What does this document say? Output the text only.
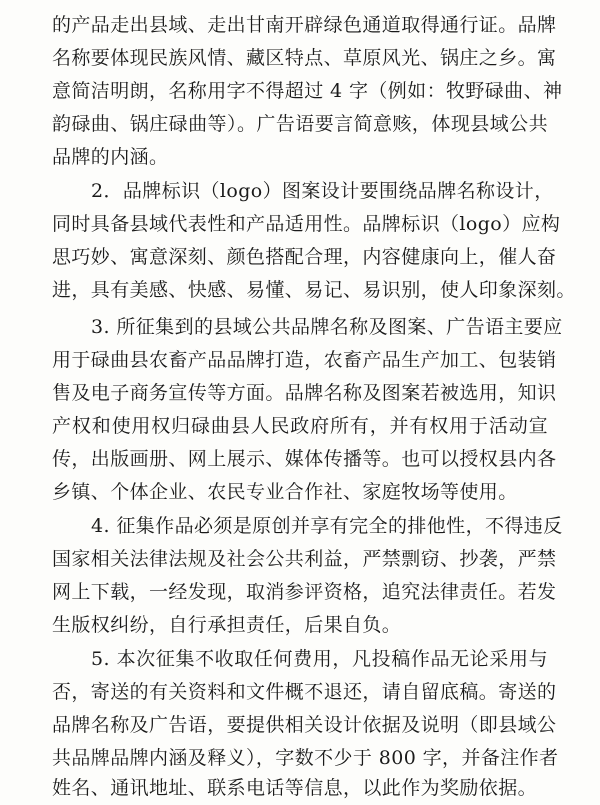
的产品走出县域、走出甘南开辟绿色通道取得通行证。品牌
名称要体现民族风情、藏区特点、草原风光、锅庄之乡。寓
意简洁明朗，名称用字不得超过 4 字（例如：牧野碌曲、神
韵碌曲、锅庄碌曲等）。广告语要言简意赅，体现县域公共
品牌的内涵。
2．品牌标识（logo）图案设计要围绕品牌名称设计，
同时具备县域代表性和产品适用性。品牌标识（logo）应构
思巧妙、寓意深刻、颜色搭配合理，内容健康向上，催人奋
进，具有美感、快感、易懂、易记、易识别，使人印象深刻。
3. 所征集到的县域公共品牌名称及图案、广告语主要应
用于碌曲县农畜产品品牌打造，农畜产品生产加工、包装销
售及电子商务宣传等方面。品牌名称及图案若被选用，知识
产权和使用权归碌曲县人民政府所有，并有权用于活动宣
传，出版画册、网上展示、媒体传播等。也可以授权县内各
乡镇、个体企业、农民专业合作社、家庭牧场等使用。
4. 征集作品必须是原创并享有完全的排他性，不得违反
国家相关法律法规及社会公共利益，严禁剽窃、抄袭，严禁
网上下载，一经发现，取消参评资格，追究法律责任。若发
生版权纠纷，自行承担责任，后果自负。
5. 本次征集不收取任何费用，凡投稿作品无论采用与
否，寄送的有关资料和文件概不退还，请自留底稿。寄送的
品牌名称及广告语，要提供相关设计依据及说明（即县域公
共品牌品牌内涵及释义），字数不少于 800 字，并备注作者
姓名、通讯地址、联系电话等信息，以此作为奖励依据。
